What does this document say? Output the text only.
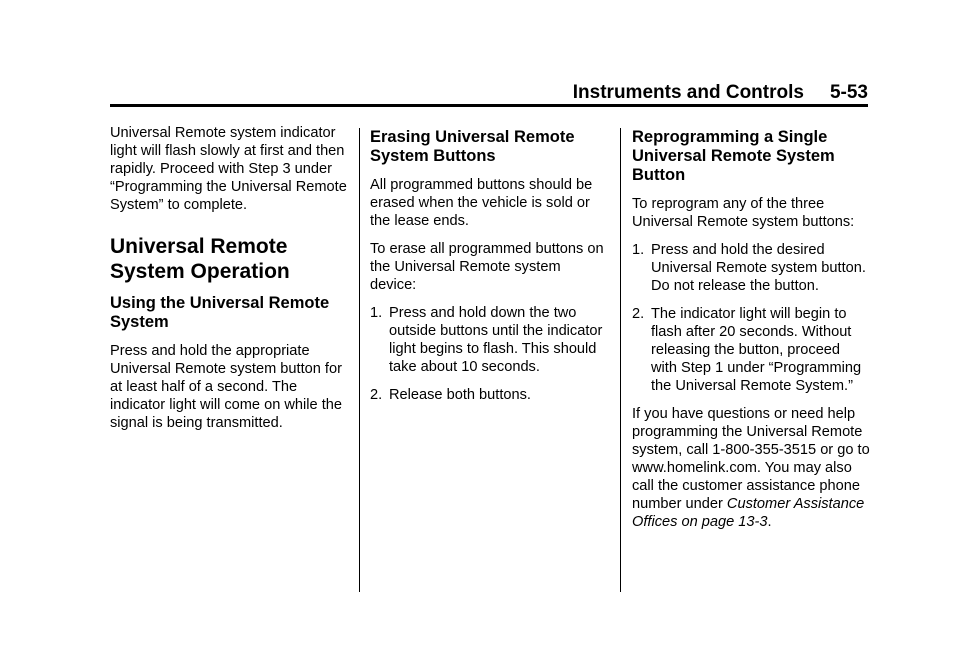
Instruments and Controls 5-53

Universal Remote system indicator light will flash slowly at first and then rapidly. Proceed with Step 3 under “Programming the Universal Remote System” to complete.

Universal Remote System Operation
Using the Universal Remote System

Press and hold the appropriate Universal Remote system button for at least half of a second. The indicator light will come on while the signal is being transmitted.

Erasing Universal Remote System Buttons

All programmed buttons should be erased when the vehicle is sold or the lease ends.

To erase all programmed buttons on the Universal Remote system device:

1. Press and hold down the two outside buttons until the indicator light begins to flash. This should take about 10 seconds.
2. Release both buttons.
Reprogramming a Single Universal Remote System Button

To reprogram any of the three Universal Remote system buttons:

1. Press and hold the desired Universal Remote system button. Do not release the button.
2. The indicator light will begin to flash after 20 seconds. Without releasing the button, proceed with Step 1 under “Programming the Universal Remote System.”

If you have questions or need help programming the Universal Remote system, call 1-800-355-3515 or go to www.homelink.com. You may also call the customer assistance phone number under Customer Assistance Offices on page 13-3.
